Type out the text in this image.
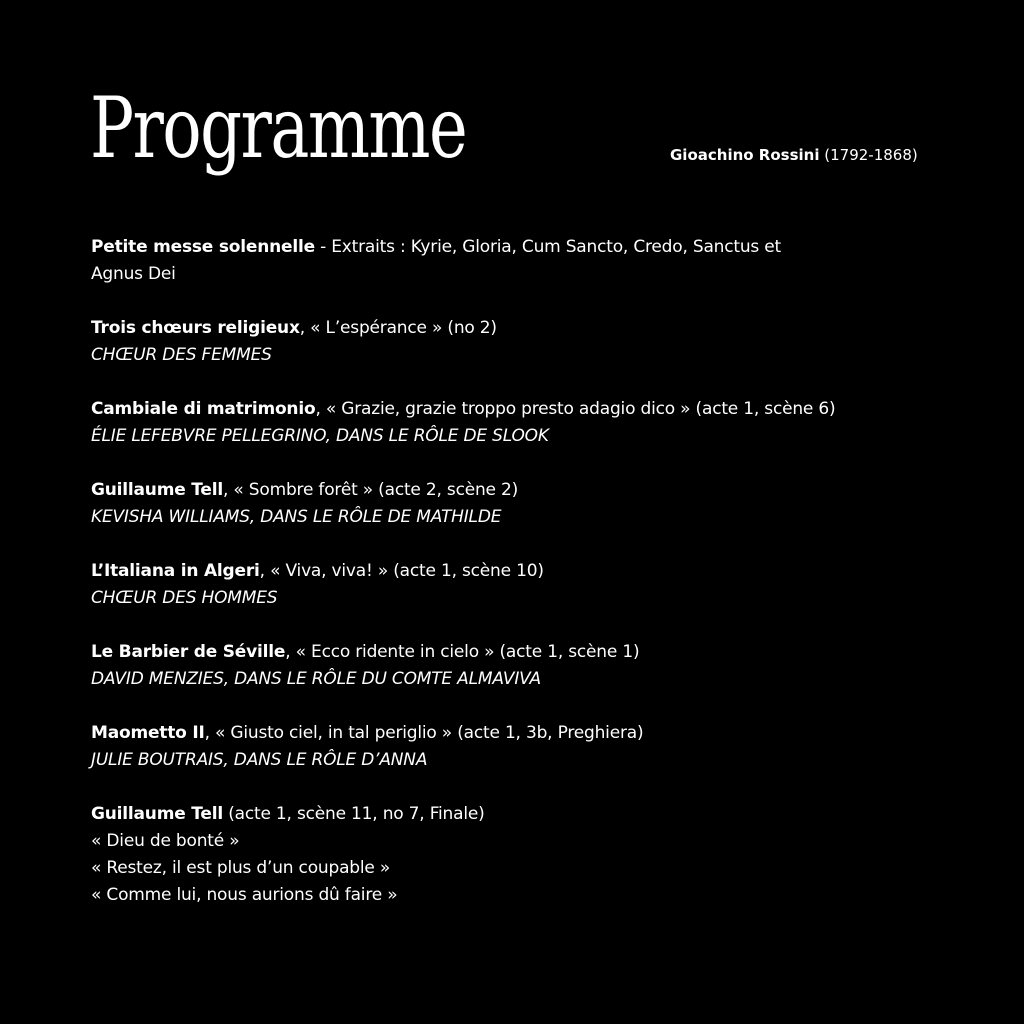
Programme	Gioachino Rossini (1792-1868)
Petite messe solennelle - Extraits : Kyrie, Gloria, Cum Sancto, Credo, Sanctus et Agnus Dei
Trois chœurs religieux, « L’espérance » (no 2)
CHŒUR DES FEMMES
Cambiale di matrimonio, « Grazie, grazie troppo presto adagio dico » (acte 1, scène 6)
ÉLIE LEFEBVRE PELLEGRINO, DANS LE RÔLE DE SLOOK
Guillaume Tell, « Sombre forêt » (acte 2, scène 2)
KEVISHA WILLIAMS, DANS LE RÔLE DE MATHILDE
L’Italiana in Algeri, « Viva, viva! » (acte 1, scène 10)
CHŒUR DES HOMMES
Le Barbier de Séville, « Ecco ridente in cielo » (acte 1, scène 1)
DAVID MENZIES, DANS LE RÔLE DU COMTE ALMAVIVA
Maometto II, « Giusto ciel, in tal periglio » (acte 1, 3b, Preghiera)
JULIE BOUTRAIS, DANS LE RÔLE D’ANNA
Guillaume Tell (acte 1, scène 11, no 7, Finale)
« Dieu de bonté »
« Restez, il est plus d’un coupable »
« Comme lui, nous aurions dû faire »
